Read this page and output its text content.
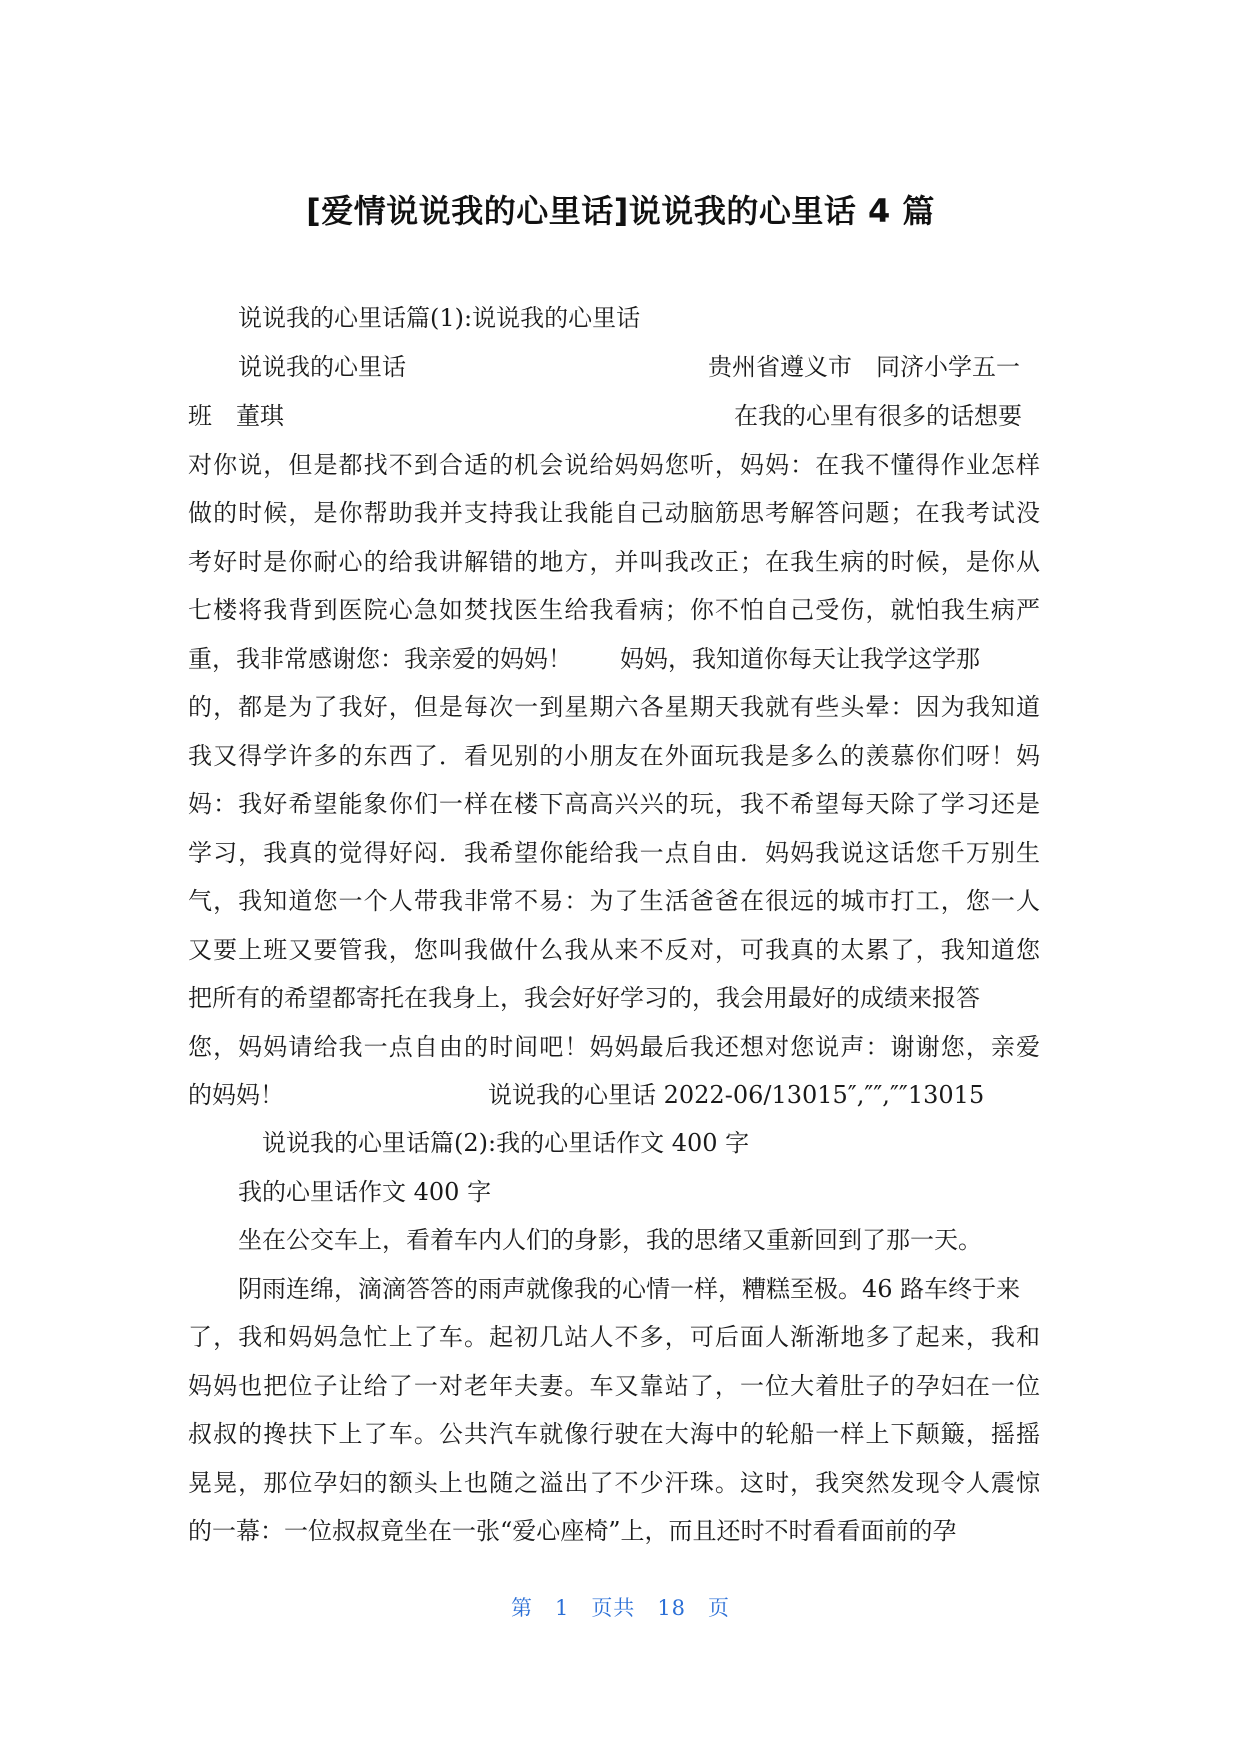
[爱情说说我的心里话]说说我的心里话 4 篇
说说我的心里话篇(1):说说我的心里话
说说我的心里话	贵州省遵义市　同济小学五一
班　董琪	在我的心里有很多的话想要
对你说，但是都找不到合适的机会说给妈妈您听，妈妈：在我不懂得作业怎样
做的时候，是你帮助我并支持我让我能自己动脑筋思考解答问题；在我考试没
考好时是你耐心的给我讲解错的地方，并叫我改正；在我生病的时候，是你从
七楼将我背到医院心急如焚找医生给我看病；你不怕自己受伤，就怕我生病严
重，我非常感谢您：我亲爱的妈妈！　　妈妈，我知道你每天让我学这学那
的，都是为了我好，但是每次一到星期六各星期天我就有些头晕：因为我知道
我又得学许多的东西了．看见别的小朋友在外面玩我是多么的羡慕你们呀！妈
妈：我好希望能象你们一样在楼下高高兴兴的玩，我不希望每天除了学习还是
学习，我真的觉得好闷．我希望你能给我一点自由．妈妈我说这话您千万别生
气，我知道您一个人带我非常不易：为了生活爸爸在很远的城市打工，您一人
又要上班又要管我，您叫我做什么我从来不反对，可我真的太累了，我知道您
把所有的希望都寄托在我身上，我会好好学习的，我会用最好的成绩来报答
您，妈妈请给我一点自由的时间吧！妈妈最后我还想对您说声：谢谢您，亲爱
的妈妈！	说说我的心里话 2022-06/13015″,″″,″″13015
说说我的心里话篇(2):我的心里话作文 400 字
我的心里话作文 400 字
坐在公交车上，看着车内人们的身影，我的思绪又重新回到了那一天。
阴雨连绵，滴滴答答的雨声就像我的心情一样，糟糕至极。46 路车终于来
了，我和妈妈急忙上了车。起初几站人不多，可后面人渐渐地多了起来，我和
妈妈也把位子让给了一对老年夫妻。车又靠站了，一位大着肚子的孕妇在一位
叔叔的搀扶下上了车。公共汽车就像行驶在大海中的轮船一样上下颠簸，摇摇
晃晃，那位孕妇的额头上也随之溢出了不少汗珠。这时，我突然发现令人震惊
的一幕：一位叔叔竟坐在一张“爱心座椅”上，而且还时不时看看面前的孕
第 1 页共 18 页
